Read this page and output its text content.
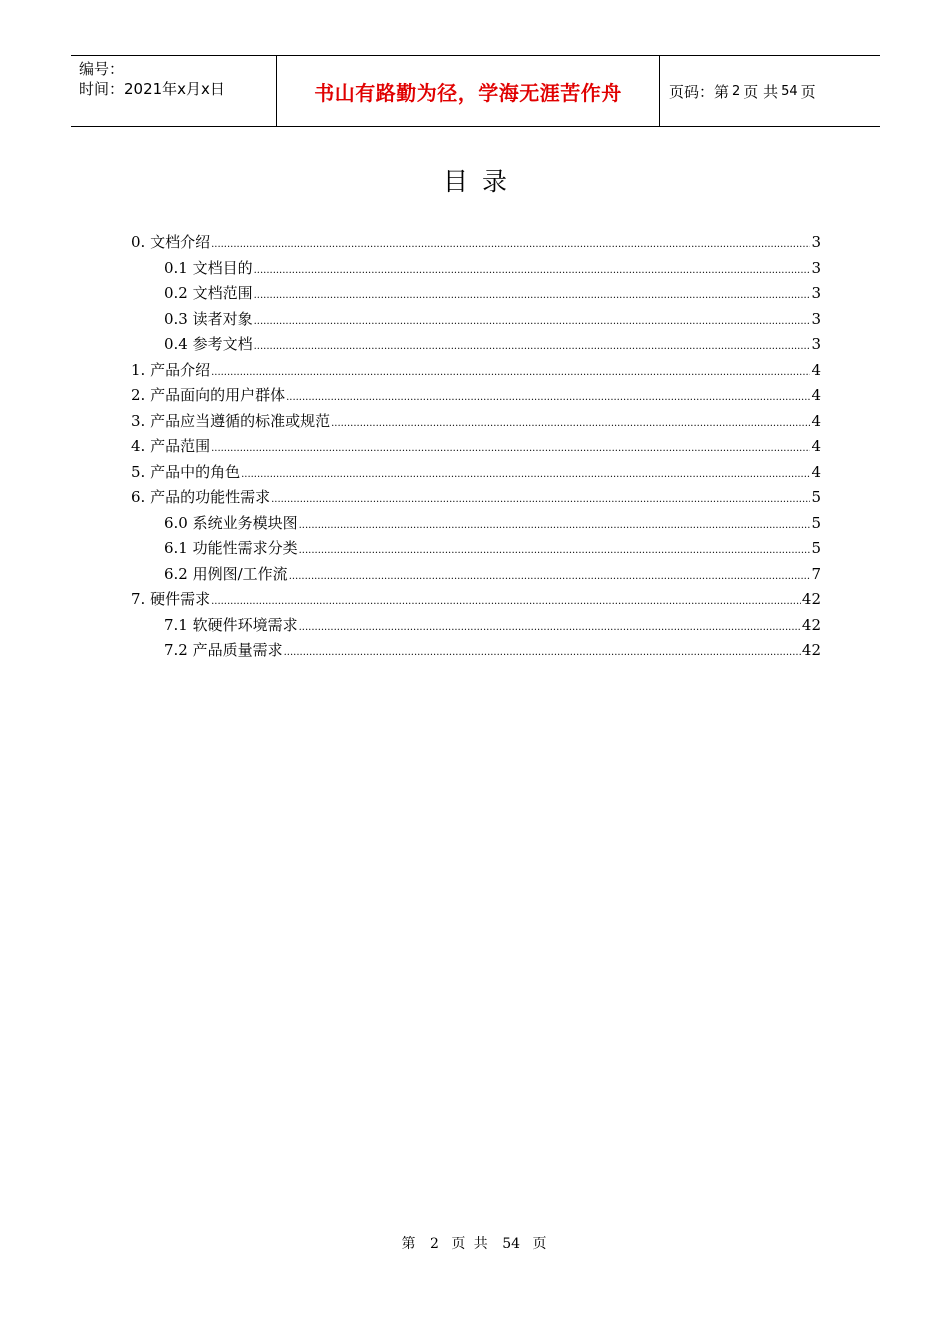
编号：
时间：2021年x月x日	书山有路勤为径，学海无涯苦作舟	页码：第 2 页 共 54 页
目录
0. 文档介绍 .....	3
0.1 文档目的 .....	3
0.2 文档范围 .....	3
0.3 读者对象 .....	3
0.4 参考文档 .....	3
1. 产品介绍 .....	4
2. 产品面向的用户群体 .....	4
3. 产品应当遵循的标准或规范 .....	4
4. 产品范围 .....	4
5. 产品中的角色 .....	4
6. 产品的功能性需求 .....	5
6.0 系统业务模块图 .....	5
6.1 功能性需求分类 .....	5
6.2 用例图/工作流 .....	7
7. 硬件需求 .....	42
7.1 软硬件环境需求 .....	42
7.2 产品质量需求 .....	42
第 2 页 共 54 页
